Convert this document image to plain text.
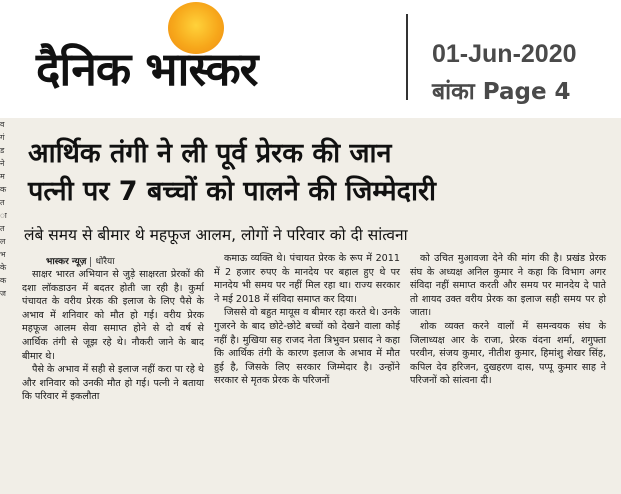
दैनिक भास्कर	01-Jun-2020
बांका Page 4
व
गं
ड
ने
म
क
त
ा
त
ल
भ
के
क
ज
आर्थिक तंगी ने ली पूर्व प्रेरक की जान
पत्नी पर 7 बच्चों को पालने की जिम्मेदारी
लंबे समय से बीमार थे महफूज आलम, लोगों ने परिवार को दी सांत्वना
भास्कर न्यूज़ धोरैया

साक्षर भारत अभियान से जुड़े साक्षरता प्रेरकों की दशा लॉकडाउन में बदतर होती जा रही है। कुर्मा पंचायत के वरीय प्रेरक की इलाज के लिए पैसे के अभाव में शनिवार को मौत हो गई। वरीय प्रेरक महफूज आलम सेवा समाप्त होने से दो वर्ष से आर्थिक तंगी से जूझ रहे थे। नौकरी जाने के बाद बीमार थे।

पैसे के अभाव में सही से इलाज नहीं करा पा रहे थे और शनिवार को उनकी मौत हो गई। पत्नी ने बताया कि परिवार में इकलौता

कमाऊ व्यक्ति थे। पंचायत प्रेरक के रूप में 2011 में 2 हजार रुपए के मानदेय पर बहाल हुए थे पर मानदेय भी समय पर नहीं मिल रहा था। राज्य सरकार ने मई 2018 में संविदा समाप्त कर दिया।

जिससे वो बहुत मायूस व बीमार रहा करते थे। उनके गुजरने के बाद छोटे-छोटे बच्चों को देखने वाला कोई नहीं है। मुखिया सह राजद नेता त्रिभुवन प्रसाद ने कहा कि आर्थिक तंगी के कारण इलाज के अभाव में मौत हुई है, जिसके लिए सरकार जिम्मेदार है। उन्होंने सरकार से मृतक प्रेरक के परिजनों

को उचित मुआवजा देने की मांग की है। प्रखंड प्रेरक संघ के अध्यक्ष अनिल कुमार ने कहा कि विभाग अगर संविदा नहीं समाप्त करती और समय पर मानदेय दे पाते तो शायद उक्त वरीय प्रेरक का इलाज सही समय पर हो जाता।

शोक व्यक्त करने वालों में समन्वयक संघ के जिलाध्यक्ष आर के राजा, प्रेरक वंदना शर्मा, शगुफ्ता परवीन, संजय कुमार, नीतीश कुमार, हिमांशु शेखर सिंह, कपिल देव हरिजन, दुखहरण दास, पप्पू कुमार साह ने परिजनों को सांत्वना दी।
